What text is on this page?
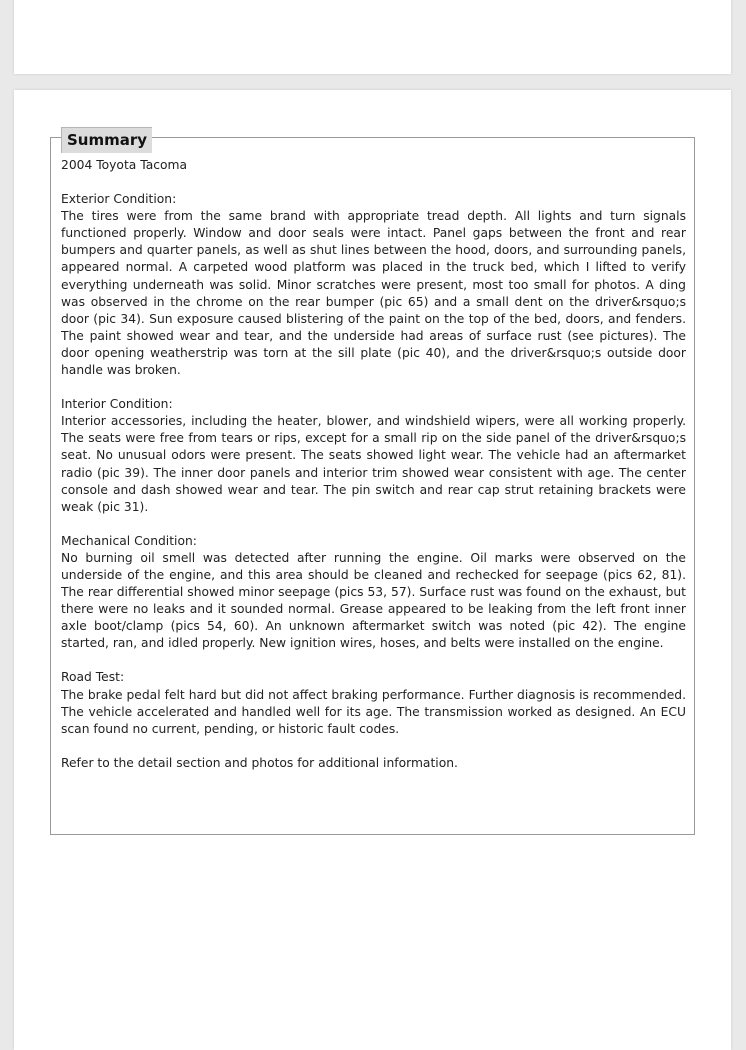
Summary

2004 Toyota Tacoma

Exterior Condition:

The tires were from the same brand with appropriate tread depth. All lights and turn signals functioned properly. Window and door seals were intact. Panel gaps between the front and rear bumpers and quarter panels, as well as shut lines between the hood, doors, and surrounding panels, appeared normal. A carpeted wood platform was placed in the truck bed, which I lifted to verify everything underneath was solid. Minor scratches were present, most too small for photos. A ding was observed in the chrome on the rear bumper (pic 65) and a small dent on the driver&rsquo;s door (pic 34). Sun exposure caused blistering of the paint on the top of the bed, doors, and fenders. The paint showed wear and tear, and the underside had areas of surface rust (see pictures). The door opening weatherstrip was torn at the sill plate (pic 40), and the driver&rsquo;s outside door handle was broken.

Interior Condition:

Interior accessories, including the heater, blower, and windshield wipers, were all working properly. The seats were free from tears or rips, except for a small rip on the side panel of the driver&rsquo;s seat. No unusual odors were present. The seats showed light wear. The vehicle had an aftermarket radio (pic 39). The inner door panels and interior trim showed wear consistent with age. The center console and dash showed wear and tear. The pin switch and rear cap strut retaining brackets were weak (pic 31).

Mechanical Condition:

No burning oil smell was detected after running the engine. Oil marks were observed on the underside of the engine, and this area should be cleaned and rechecked for seepage (pics 62, 81). The rear differential showed minor seepage (pics 53, 57). Surface rust was found on the exhaust, but there were no leaks and it sounded normal. Grease appeared to be leaking from the left front inner axle boot/clamp (pics 54, 60). An unknown aftermarket switch was noted (pic 42). The engine started, ran, and idled properly. New ignition wires, hoses, and belts were installed on the engine.

Road Test:

The brake pedal felt hard but did not affect braking performance. Further diagnosis is recommended. The vehicle accelerated and handled well for its age. The transmission worked as designed. An ECU scan found no current, pending, or historic fault codes.

Refer to the detail section and photos for additional information.
